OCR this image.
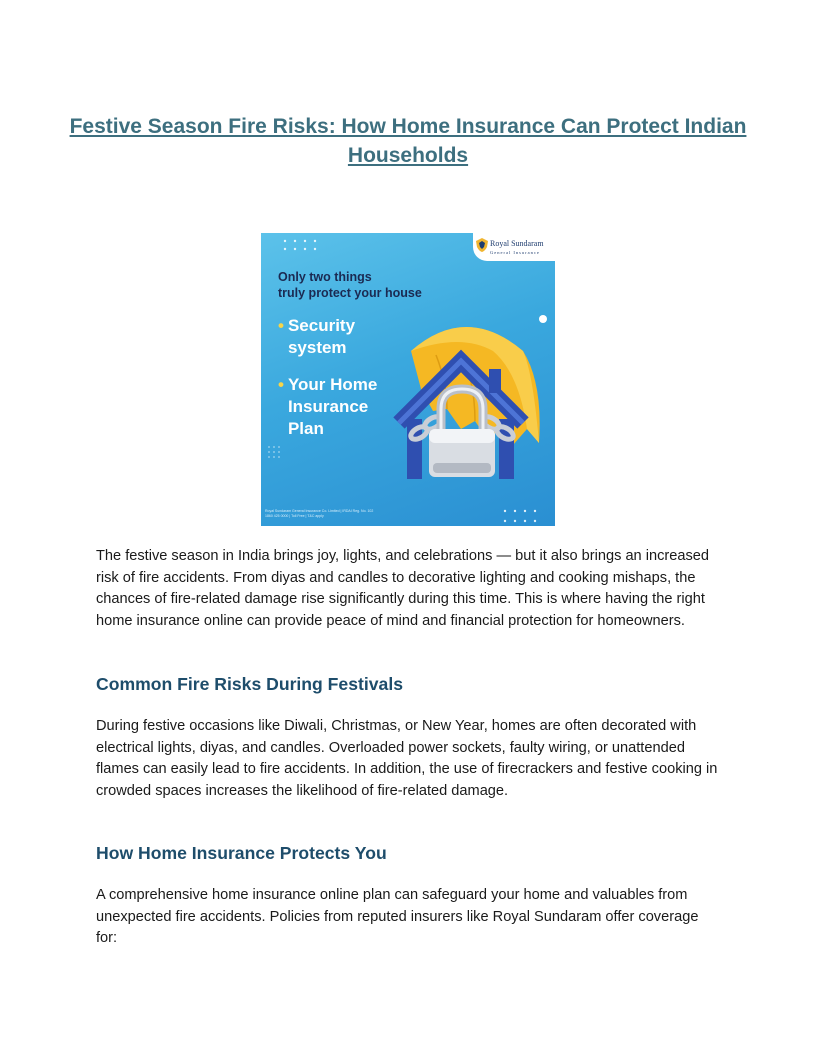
Festive Season Fire Risks: How Home Insurance Can Protect Indian Households
Royal Sundaram
General Insurance
Only two things
truly protect your house
• Security
system
• Your Home
Insurance
Plan
Royal Sundaram General Insurance Co. Limited | IRDAI Reg. No. 102
1860 425 0000 | Toll Free | T&C apply

The festive season in India brings joy, lights, and celebrations — but it also brings an increased risk of fire accidents. From diyas and candles to decorative lighting and cooking mishaps, the chances of fire-related damage rise significantly during this time. This is where having the right home insurance online can provide peace of mind and financial protection for homeowners.

Common Fire Risks During Festivals

During festive occasions like Diwali, Christmas, or New Year, homes are often decorated with electrical lights, diyas, and candles. Overloaded power sockets, faulty wiring, or unattended flames can easily lead to fire accidents. In addition, the use of firecrackers and festive cooking in crowded spaces increases the likelihood of fire-related damage.

How Home Insurance Protects You

A comprehensive home insurance online plan can safeguard your home and valuables from unexpected fire accidents. Policies from reputed insurers like Royal Sundaram offer coverage for:
